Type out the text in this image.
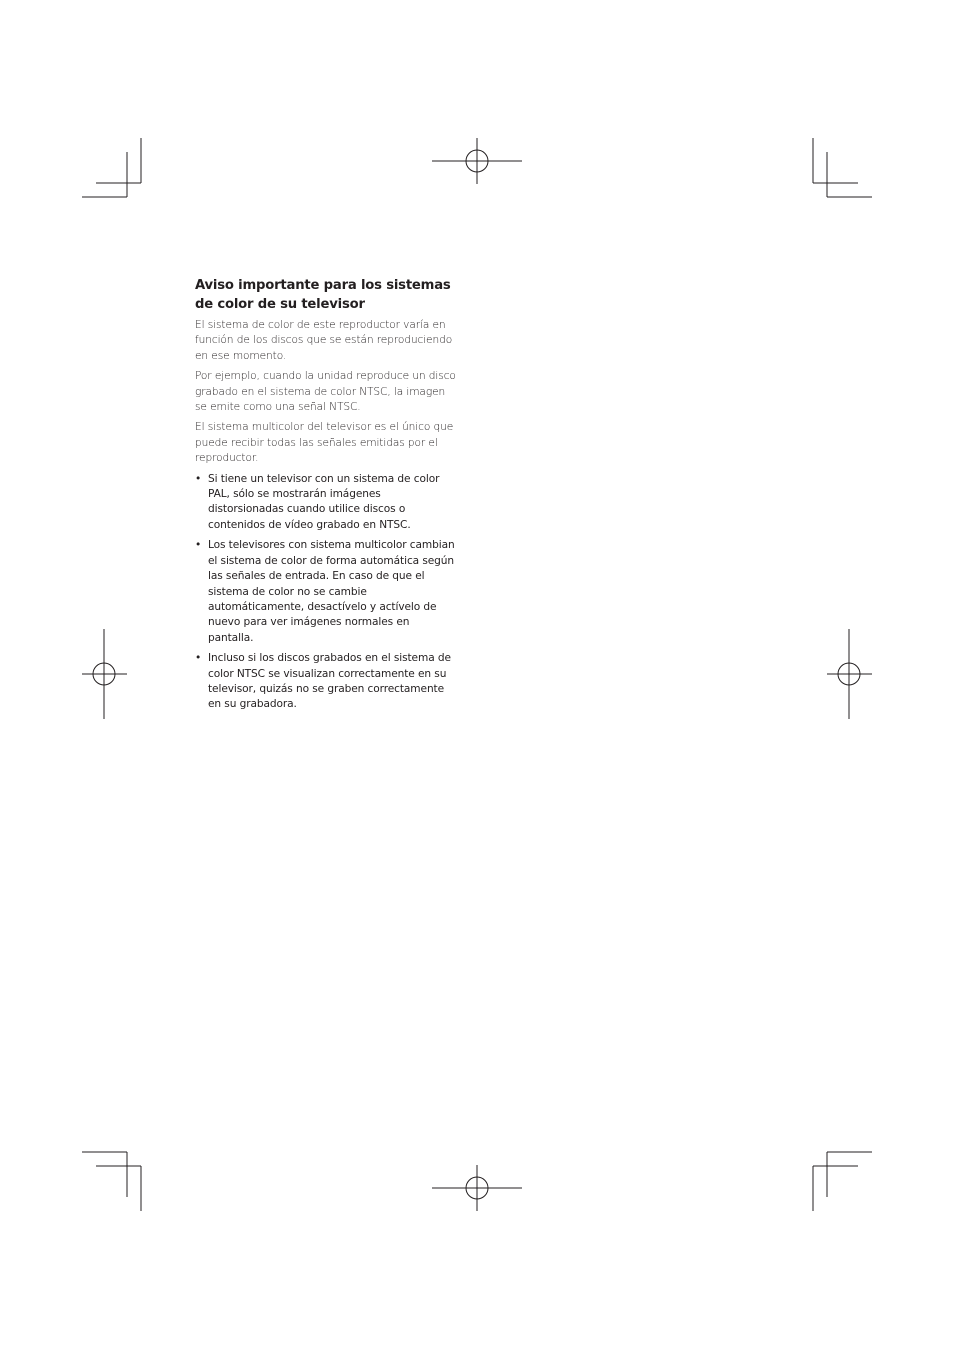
Aviso importante para los sistemas de color de su televisor

El sistema de color de este reproductor varía en función de los discos que se están reproduciendo en ese momento.

Por ejemplo, cuando la unidad reproduce un disco grabado en el sistema de color NTSC, la imagen se emite como una señal NTSC.

El sistema multicolor del televisor es el único que puede recibir todas las señales emitidas por el reproductor.

• Si tiene un televisor con un sistema de color PAL, sólo se mostrarán imágenes distorsionadas cuando utilice discos o contenidos de vídeo grabado en NTSC.
• Los televisores con sistema multicolor cambian el sistema de color de forma automática según las señales de entrada. En caso de que el sistema de color no se cambie automáticamente, desactívelo y actívelo de nuevo para ver imágenes normales en pantalla.
• Incluso si los discos grabados en el sistema de color NTSC se visualizan correctamente en su televisor, quizás no se graben correctamente en su grabadora.
